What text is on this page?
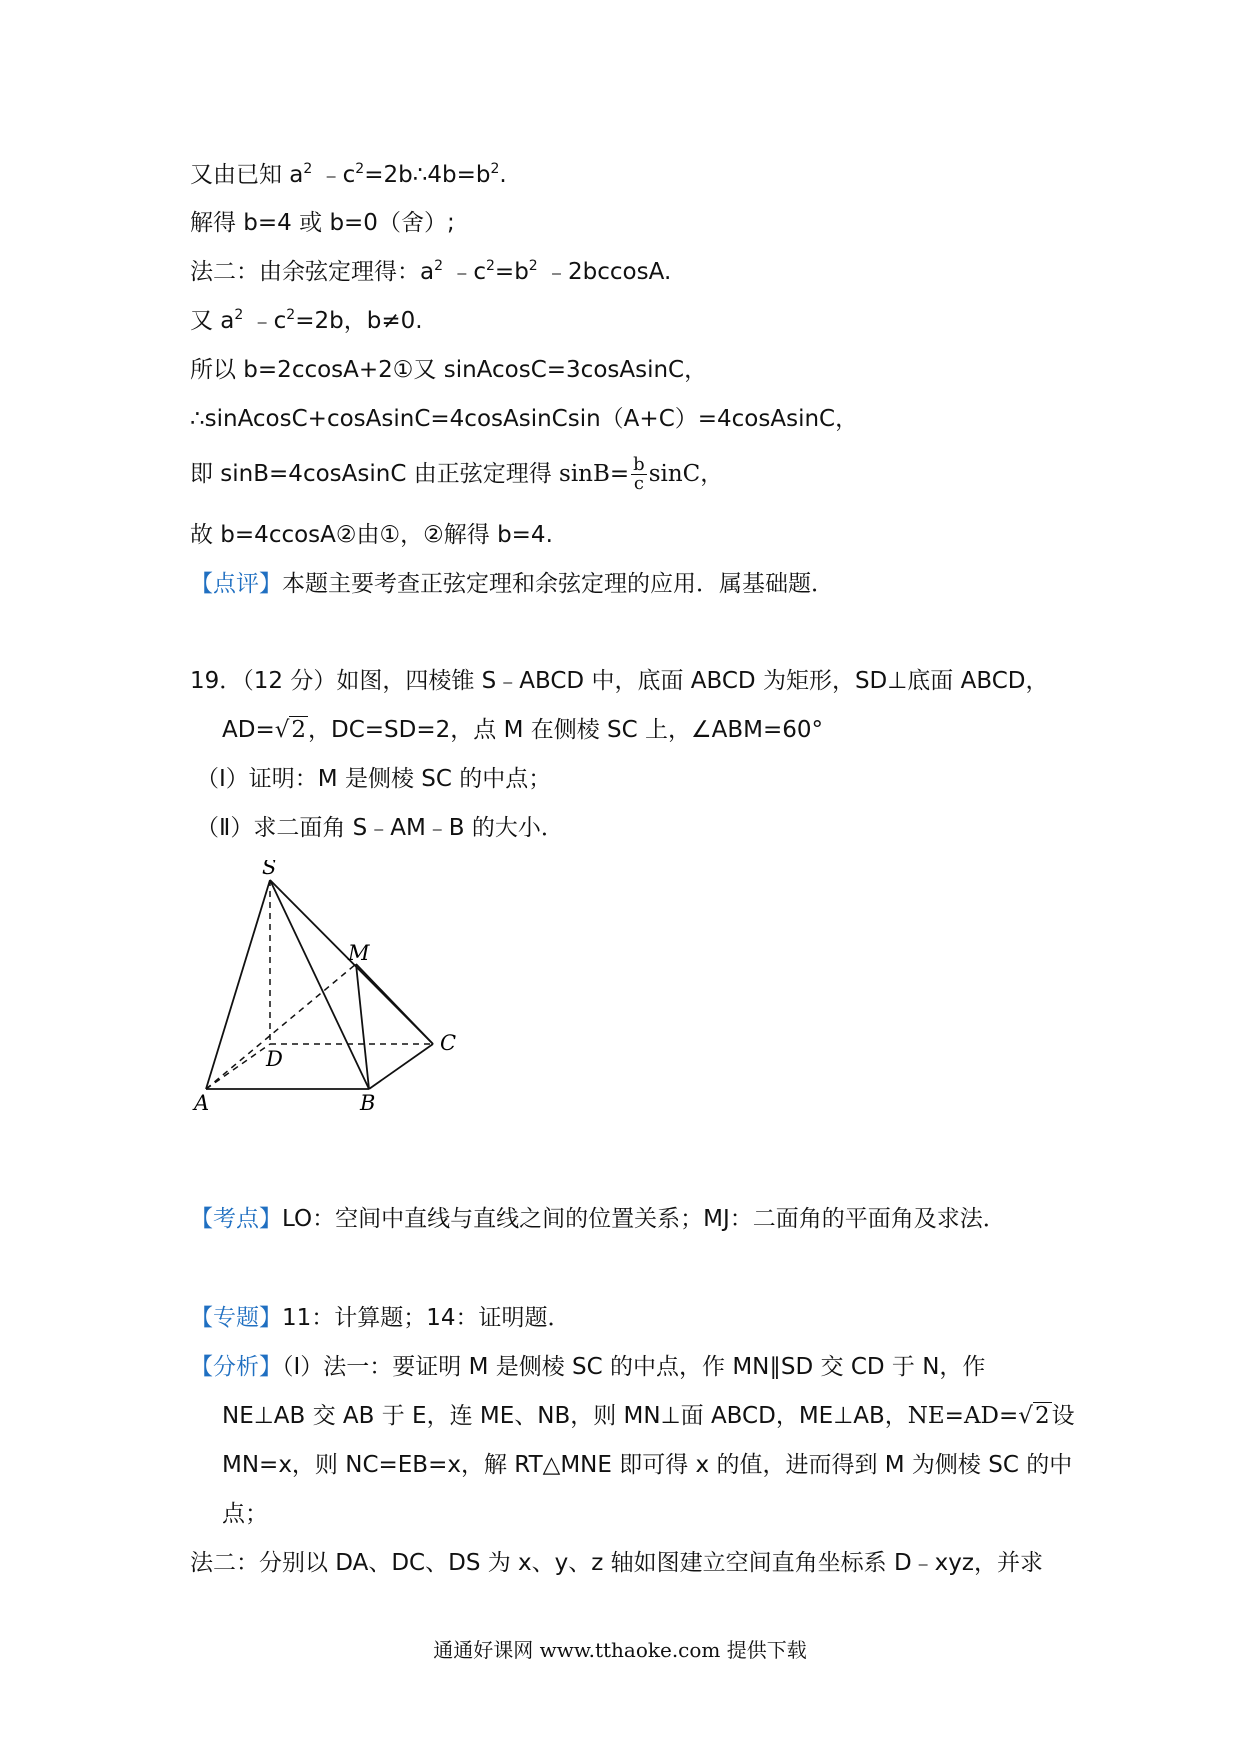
又由已知 $a^2$ $﹣c^2=2b\therefore 4b=b^2$.
解得 b=4 或 b=0（舍）;
法二：由余弦定理得：$a^2$ $﹣c^2=b^2$ ﹣2bccosA.
又 $a^2$ $﹣c^2=2b$，b≠0.
所以 b=2ccosA+2①又 sinAcosC=3cosAsinC，
∴sinAcosC+cosAsinC=4cosAsinCsin（A+C）=4cosAsinC，
即 sinB=4cosAsinC 由正弦定理得 $\sin B= \frac{b}{c}$ sinC，
故 b=4ccosA②由①，②解得 b=4.
【点评】本题主要考查正弦定理和余弦定理的应用．属基础题．
19．（12 分）如图，四棱锥 S﹣ABCD 中，底面 ABCD 为矩形，SD⊥底面 ABCD，
AD=√2，DC=SD=2，点 M 在侧棱 SC 上，∠ABM=60°
（I）证明：M 是侧棱 SC 的中点；
（Ⅱ）求二面角 S﹣AM﹣B 的大小．
S
M
D
C
A	B
【考点】LO：空间中直线与直线之间的位置关系；MJ：二面角的平面角及求法．
【专题】11：计算题；14：证明题．
【分析】（Ⅰ）法一：要证明 M 是侧棱 SC 的中点，作 MN∥SD 交 CD 于 N，作
NE⊥AB 交 AB 于 E，连 ME、NB，则 MN⊥面 ABCD，ME⊥AB，NE=AD=√2设
MN=x，则 NC=EB=x，解 RT△MNE 即可得 x 的值，进而得到 M 为侧棱 SC 的中
点；
法二：分别以 DA、DC、DS 为 x、y、z 轴如图建立空间直角坐标系 D﹣xyz，并求
通通好课网 www.tthaoke.com 提供下载
